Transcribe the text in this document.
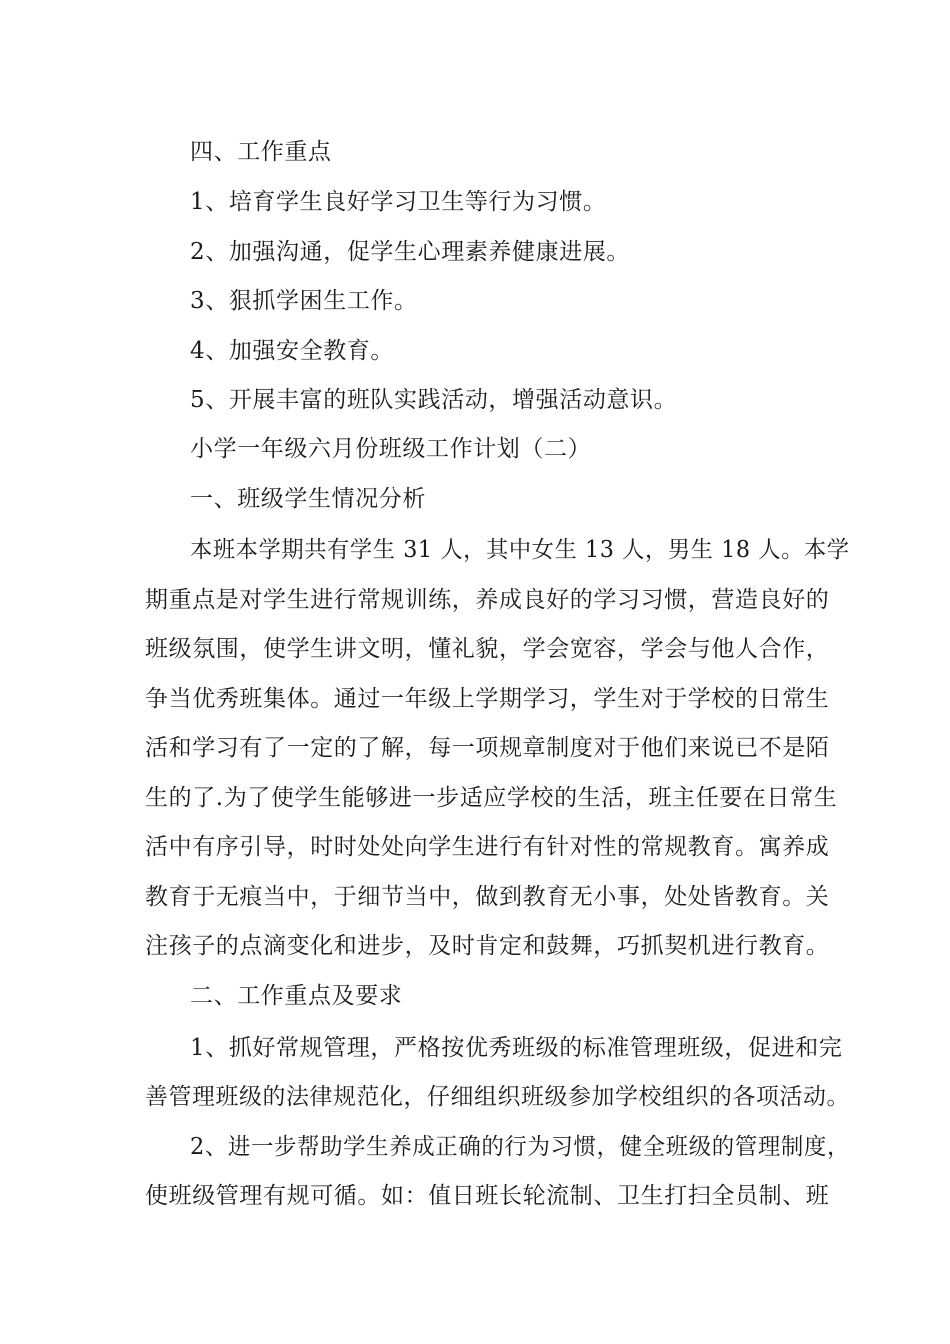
四、工作重点
1、培育学生良好学习卫生等行为习惯。
2、加强沟通，促学生心理素养健康进展。
3、狠抓学困生工作。
4、加强安全教育。
5、开展丰富的班队实践活动，增强活动意识。
小学一年级六月份班级工作计划（二）
一、班级学生情况分析
本班本学期共有学生 31 人，其中女生 13 人，男生 18 人。本学
期重点是对学生进行常规训练，养成良好的学习习惯，营造良好的
班级氛围，使学生讲文明，懂礼貌，学会宽容，学会与他人合作，
争当优秀班集体。通过一年级上学期学习，学生对于学校的日常生
活和学习有了一定的了解，每一项规章制度对于他们来说已不是陌
生的了.为了使学生能够进一步适应学校的生活，班主任要在日常生
活中有序引导，时时处处向学生进行有针对性的常规教育。寓养成
教育于无痕当中，于细节当中，做到教育无小事，处处皆教育。关
注孩子的点滴变化和进步，及时肯定和鼓舞，巧抓契机进行教育。
二、工作重点及要求
1、抓好常规管理，严格按优秀班级的标准管理班级，促进和完
善管理班级的法律规范化，仔细组织班级参加学校组织的各项活动。
2、进一步帮助学生养成正确的行为习惯，健全班级的管理制度，
使班级管理有规可循。如：值日班长轮流制、卫生打扫全员制、班
